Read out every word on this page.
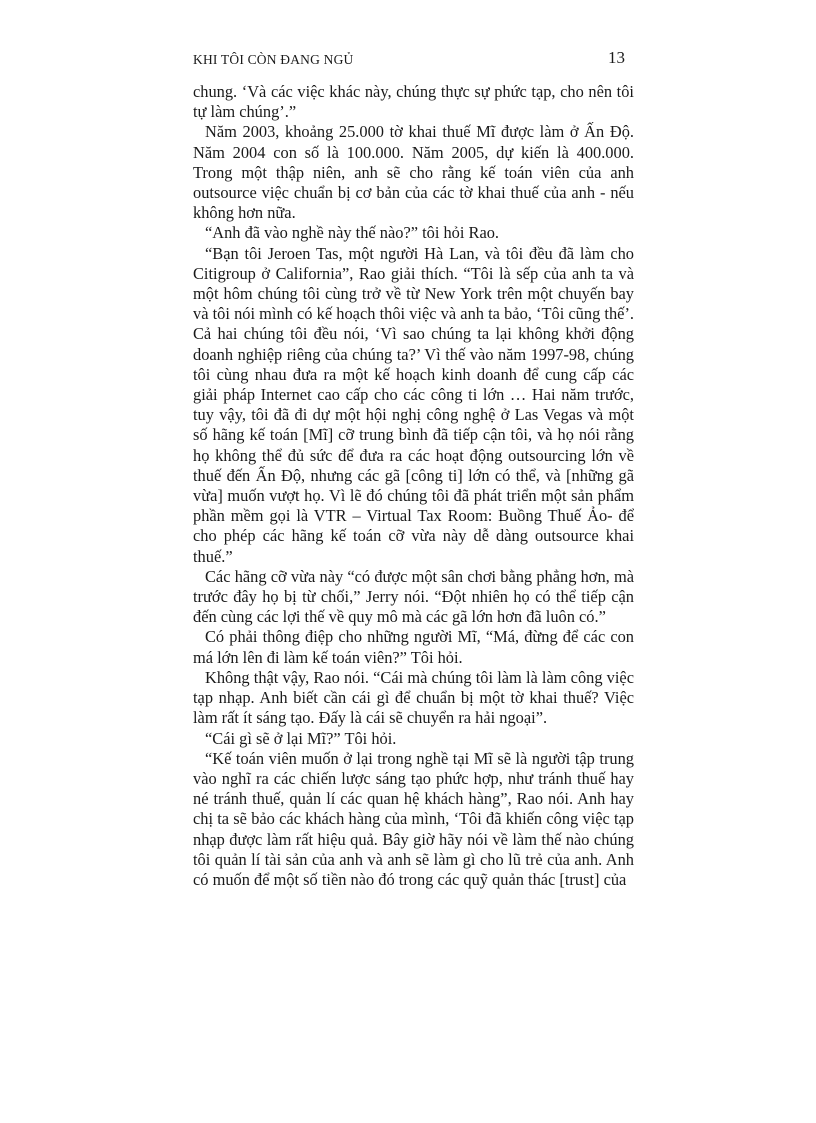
KHI TÔI CÒN ĐANG NGỦ	13

chung. ‘Và các việc khác này, chúng thực sự phức tạp, cho nên tôi tự làm chúng’.”

Năm 2003, khoảng 25.000 tờ khai thuế Mĩ được làm ở Ấn Độ. Năm 2004 con số là 100.000. Năm 2005, dự kiến là 400.000. Trong một thập niên, anh sẽ cho rằng kế toán viên của anh outsource việc chuẩn bị cơ bản của các tờ khai thuế của anh - nếu không hơn nữa.

“Anh đã vào nghề này thế nào?” tôi hỏi Rao.

“Bạn tôi Jeroen Tas, một người Hà Lan, và tôi đều đã làm cho Citigroup ở California”, Rao giải thích. “Tôi là sếp của anh ta và một hôm chúng tôi cùng trở về từ New York trên một chuyến bay và tôi nói mình có kế hoạch thôi việc và anh ta bảo, ‘Tôi cũng thế’. Cả hai chúng tôi đều nói, ‘Vì sao chúng ta lại không khởi động doanh nghiệp riêng của chúng ta?’ Vì thế vào năm 1997-98, chúng tôi cùng nhau đưa ra một kế hoạch kinh doanh để cung cấp các giải pháp Internet cao cấp cho các công ti lớn … Hai năm trước, tuy vậy, tôi đã đi dự một hội nghị công nghệ ở Las Vegas và một số hãng kế toán [Mĩ] cỡ trung bình đã tiếp cận tôi, và họ nói rằng họ không thể đủ sức để đưa ra các hoạt động outsourcing lớn về thuế đến Ấn Độ, nhưng các gã [công ti] lớn có thể, và [những gã vừa] muốn vượt họ. Vì lẽ đó chúng tôi đã phát triển một sản phẩm phần mềm gọi là VTR – Virtual Tax Room: Buồng Thuế Ảo- để cho phép các hãng kế toán cỡ vừa này dễ dàng outsource khai thuế.”

Các hãng cỡ vừa này “có được một sân chơi bằng phẳng hơn, mà trước đây họ bị từ chối,” Jerry nói. “Đột nhiên họ có thể tiếp cận đến cùng các lợi thế về quy mô mà các gã lớn hơn đã luôn có.”

Có phải thông điệp cho những người Mĩ, “Má, đừng để các con má lớn lên đi làm kế toán viên?” Tôi hỏi.

Không thật vậy, Rao nói. “Cái mà chúng tôi làm là làm công việc tạp nhạp. Anh biết cần cái gì để chuẩn bị một tờ khai thuế? Việc làm rất ít sáng tạo. Đấy là cái sẽ chuyển ra hải ngoại”.

“Cái gì sẽ ở lại Mĩ?” Tôi hỏi.

“Kế toán viên muốn ở lại trong nghề tại Mĩ sẽ là người tập trung vào nghĩ ra các chiến lược sáng tạo phức hợp, như tránh thuế hay né tránh thuế, quản lí các quan hệ khách hàng”, Rao nói. Anh hay chị ta sẽ bảo các khách hàng của mình, ‘Tôi đã khiến công việc tạp nhạp được làm rất hiệu quả. Bây giờ hãy nói về làm thế nào chúng tôi quản lí tài sản của anh và anh sẽ làm gì cho lũ trẻ của anh. Anh có muốn để một số tiền nào đó trong các quỹ quản thác [trust] của
